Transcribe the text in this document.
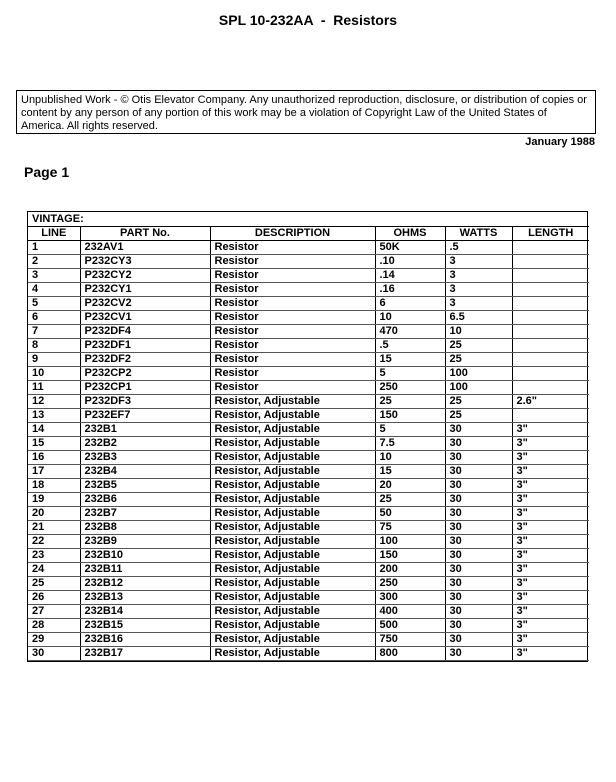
SPL 10-232AA  -  Resistors
Unpublished Work - © Otis Elevator Company. Any unauthorized reproduction, disclosure, or distribution of copies or content by any person of any portion of this work may be a violation of Copyright Law of the United States of America. All rights reserved.
January 1988
Page 1
VINTAGE:
LINE	PART No.	DESCRIPTION	OHMS	WATTS	LENGTH
1	232AV1	Resistor	50K	.5	
2	P232CY3	Resistor	.10	3	
3	P232CY2	Resistor	.14	3	
4	P232CY1	Resistor	.16	3	
5	P232CV2	Resistor	6	3	
6	P232CV1	Resistor	10	6.5	
7	P232DF4	Resistor	470	10	
8	P232DF1	Resistor	.5	25	
9	P232DF2	Resistor	15	25	
10	P232CP2	Resistor	5	100	
11	P232CP1	Resistor	250	100	
12	P232DF3	Resistor, Adjustable	25	25	2.6"
13	P232EF7	Resistor, Adjustable	150	25	
14	232B1	Resistor, Adjustable	5	30	3"
15	232B2	Resistor, Adjustable	7.5	30	3"
16	232B3	Resistor, Adjustable	10	30	3"
17	232B4	Resistor, Adjustable	15	30	3"
18	232B5	Resistor, Adjustable	20	30	3"
19	232B6	Resistor, Adjustable	25	30	3"
20	232B7	Resistor, Adjustable	50	30	3"
21	232B8	Resistor, Adjustable	75	30	3"
22	232B9	Resistor, Adjustable	100	30	3"
23	232B10	Resistor, Adjustable	150	30	3"
24	232B11	Resistor, Adjustable	200	30	3"
25	232B12	Resistor, Adjustable	250	30	3"
26	232B13	Resistor, Adjustable	300	30	3"
27	232B14	Resistor, Adjustable	400	30	3"
28	232B15	Resistor, Adjustable	500	30	3"
29	232B16	Resistor, Adjustable	750	30	3"
30	232B17	Resistor, Adjustable	800	30	3"
